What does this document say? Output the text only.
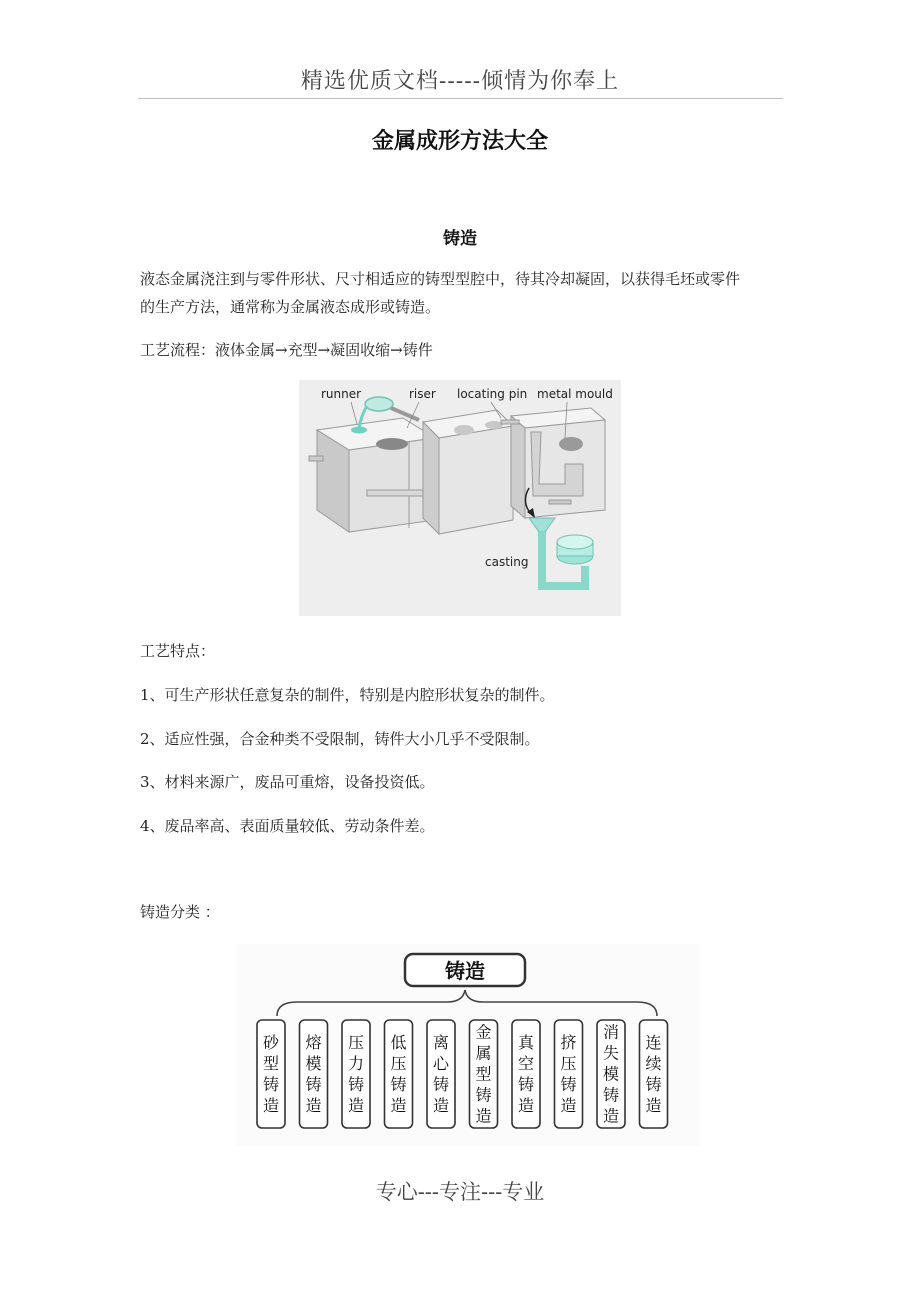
精选优质文档-----倾情为你奉上
金属成形方法大全
铸造
液态金属浇注到与零件形状、尺寸相适应的铸型型腔中，待其冷却凝固，以获得毛坯或零件
的生产方法，通常称为金属液态成形或铸造。
工艺流程：液体金属→充型→凝固收缩→铸件
runner	riser locating pin metal mould
casting
工艺特点：
1、可生产形状任意复杂的制件，特别是内腔形状复杂的制件。
2、适应性强，合金种类不受限制，铸件大小几乎不受限制。
3、材料来源广，废品可重熔，设备投资低。
4、废品率高、表面质量较低、劳动条件差。
铸造分类 ：
铸造
砂型铸造
熔模铸造
压力铸造
低压铸造
离心铸造
金属型铸造
真空铸造
挤压铸造
消失模铸造
连续铸造
专心---专注---专业
